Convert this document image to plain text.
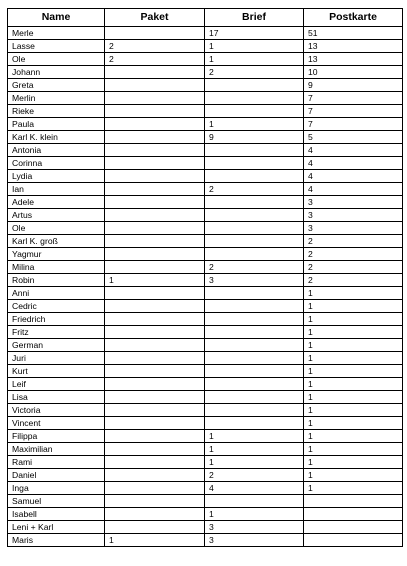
Name	Paket	Brief	Postkarte
Merle		17	51
Lasse	2	1	13
Ole	2	1	13
Johann		2	10
Greta			9
Merlin			7
Rieke			7
Paula		1	7
Karl K. klein		9	5
Antonia			4
Corinna			4
Lydia			4
Ian		2	4
Adele			3
Artus			3
Ole			3
Karl K. groß			2
Yagmur			2
Milina		2	2
Robin	1	3	2
Anni			1
Cedric			1
Friedrich			1
Fritz			1
German			1
Juri			1
Kurt			1
Leif			1
Lisa			1
Victoria			1
Vincent			1
Filippa		1	1
Maximilian		1	1
Rami		1	1
Daniel		2	1
Inga		4	1
Samuel			
Isabell		1	
Leni + Karl		3	
Maris	1	3	
